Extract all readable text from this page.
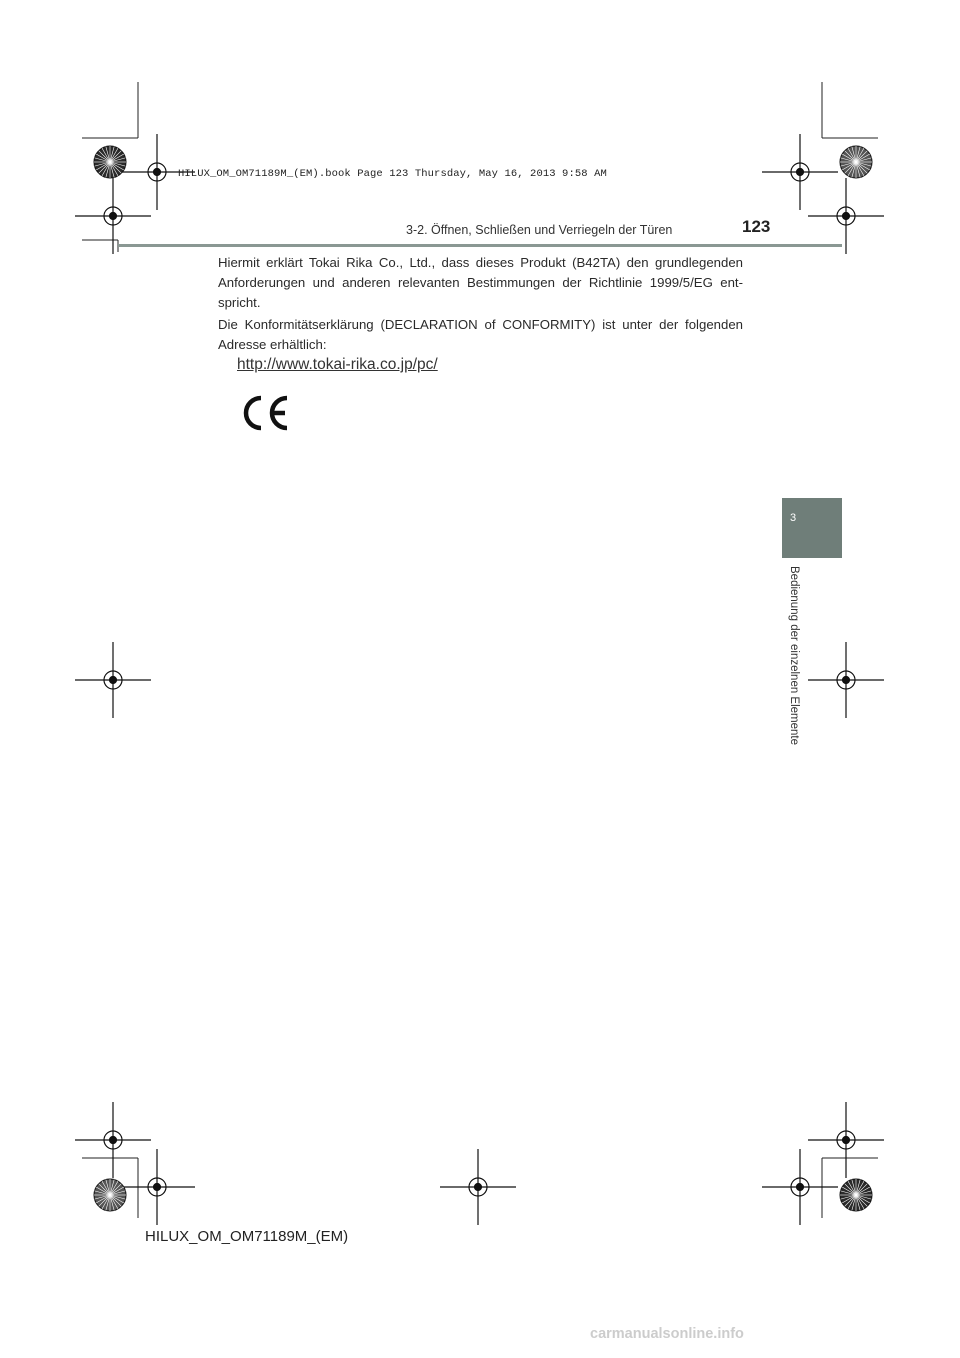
HILUX_OM_OM71189M_(EM).book Page 123 Thursday, May 16, 2013 9:58 AM
3-2. Öffnen, Schließen und Verriegeln der Türen	123

Hiermit erklärt Tokai Rika Co., Ltd., dass dieses Produkt (B42TA) den grundlegenden Anforderungen und anderen relevanten Bestimmungen der Richtlinie 1999/5/EG ent-spricht.

Die Konformitätserklärung (DECLARATION of CONFORMITY) ist unter der folgenden Adresse erhältlich:

http://www.tokai-rika.co.jp/pc/
3
Bedienung der einzelnen Elemente
HILUX_OM_OM71189M_(EM)
carmanualsonline.info
